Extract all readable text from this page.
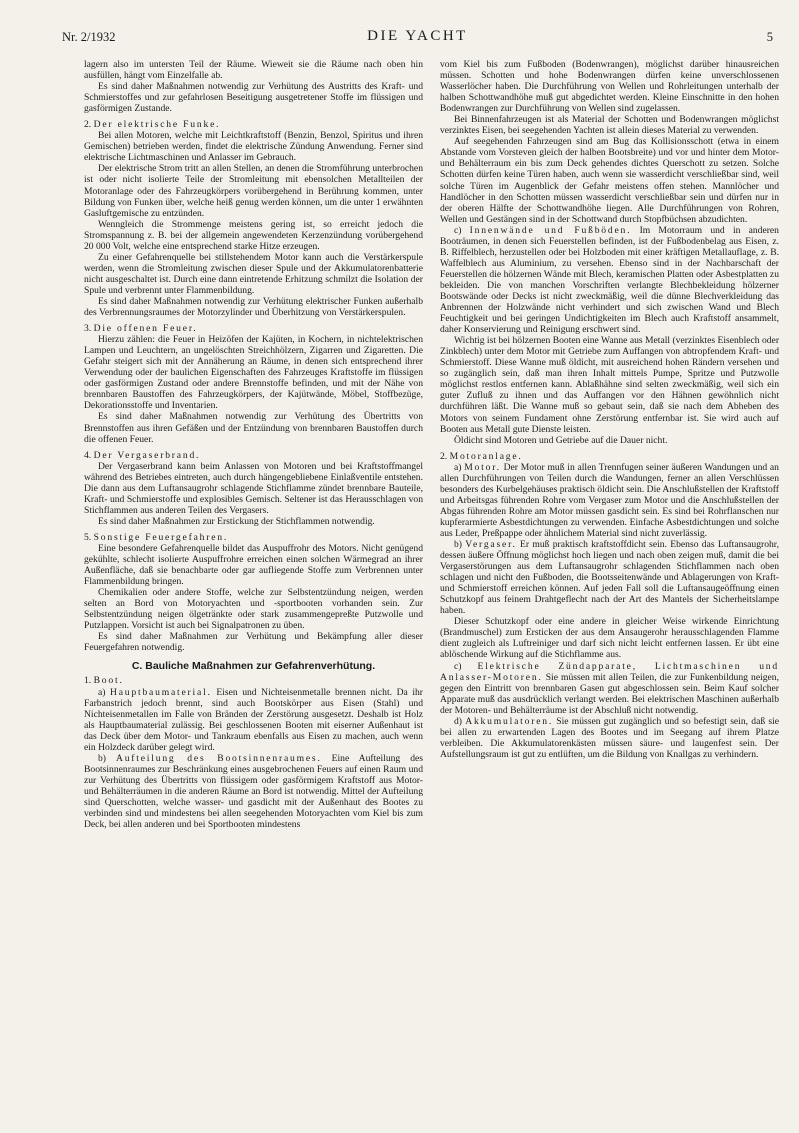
Nr. 2/1932	DIE YACHT	5

lagern also im untersten Teil der Räume. Wieweit sie die Räume nach oben hin ausfüllen, hängt vom Einzelfalle ab.

Es sind daher Maßnahmen notwendig zur Verhütung des Austritts des Kraft- und Schmierstoffes und zur gefahrlosen Beseitigung ausgetretener Stoffe im flüssigen und gasförmigen Zustande.

2. Der elektrische Funke.

Bei allen Motoren, welche mit Leichtkraftstoff (Benzin, Benzol, Spiritus und ihren Gemischen) betrieben werden, findet die elektrische Zündung Anwendung. Ferner sind elektrische Lichtmaschinen und Anlasser im Gebrauch.

Der elektrische Strom tritt an allen Stellen, an denen die Stromführung unterbrochen ist oder nicht isolierte Teile der Stromleitung mit ebensolchen Metallteilen der Motoranlage oder des Fahrzeugkörpers vorübergehend in Berührung kommen, unter Bildung von Funken über, welche heiß genug werden können, um die unter 1 erwähnten Gasluftgemische zu entzünden.

Wenngleich die Strommenge meistens gering ist, so erreicht jedoch die Stromspannung z. B. bei der allgemein angewendeten Kerzenzündung vorübergehend 20 000 Volt, welche eine entsprechend starke Hitze erzeugen.

Zu einer Gefahrenquelle bei stillstehendem Motor kann auch die Verstärkerspule werden, wenn die Stromleitung zwischen dieser Spule und der Akkumulatorenbatterie nicht ausgeschaltet ist. Durch eine dann eintretende Erhitzung schmilzt die Isolation der Spule und verbrennt unter Flammenbildung.

Es sind daher Maßnahmen notwendig zur Verhütung elektrischer Funken außerhalb des Verbrennungsraumes der Motorzylinder und Überhitzung von Verstärkerspulen.

3. Die offenen Feuer.

Hierzu zählen: die Feuer in Heizöfen der Kajüten, in Kochern, in nichtelektrischen Lampen und Leuchtern, an ungelöschten Streichhölzern, Zigarren und Zigaretten. Die Gefahr steigert sich mit der Annäherung an Räume, in denen sich entsprechend ihrer Verwendung oder der baulichen Eigenschaften des Fahrzeuges Kraftstoffe im flüssigen oder gasförmigen Zustand oder andere Brennstoffe befinden, und mit der Nähe von brennbaren Baustoffen des Fahrzeugkörpers, der Kajütwände, Möbel, Stoffbezüge, Dekorationsstoffe und Inventarien.

Es sind daher Maßnahmen notwendig zur Verhütung des Übertritts von Brennstoffen aus ihren Gefäßen und der Entzündung von brennbaren Baustoffen durch die offenen Feuer.

4. Der Vergaserbrand.

Der Vergaserbrand kann beim Anlassen von Motoren und bei Kraftstoffmangel während des Betriebes eintreten, auch durch hängengebliebene Einlaßventile entstehen. Die dann aus dem Luftansaugrohr schlagende Stichflamme zündet brennbare Bauteile, Kraft- und Schmierstoffe und explosibles Gemisch. Seltener ist das Herausschlagen von Stichflammen aus anderen Teilen des Vergasers.

Es sind daher Maßnahmen zur Erstickung der Stichflammen notwendig.

5. Sonstige Feuergefahren.

Eine besondere Gefahrenquelle bildet das Auspuffrohr des Motors. Nicht genügend gekühlte, schlecht isolierte Auspuffrohre erreichen einen solchen Wärmegrad an ihrer Außenfläche, daß sie benachbarte oder gar aufliegende Stoffe zum Verbrennen unter Flammenbildung bringen.

Chemikalien oder andere Stoffe, welche zur Selbstentzündung neigen, werden selten an Bord von Motoryachten und -sportbooten vorhanden sein. Zur Selbstentzündung neigen ölgetränkte oder stark zusammengepreßte Putzwolle und Putzlappen. Vorsicht ist auch bei Signalpatronen zu üben.

Es sind daher Maßnahmen zur Verhütung und Bekämpfung aller dieser Feuergefahren notwendig.

C. Bauliche Maßnahmen zur Gefahrenverhütung.

1. Boot.

a) Hauptbaumaterial. Eisen und Nichteisenmetalle brennen nicht. Da ihr Farbanstrich jedoch brennt, sind auch Bootskörper aus Eisen (Stahl) und Nichteisenmetallen im Falle von Bränden der Zerstörung ausgesetzt. Deshalb ist Holz als Hauptbaumaterial zulässig. Bei geschlossenen Booten mit eiserner Außenhaut ist das Deck über dem Motor- und Tankraum ebenfalls aus Eisen zu machen, auch wenn ein Holzdeck darüber gelegt wird.

b) Aufteilung des Bootsinnenraumes. Eine Aufteilung des Bootsinnenraumes zur Beschränkung eines ausgebrochenen Feuers auf einen Raum und zur Verhütung des Übertritts von flüssigem oder gasförmigem Kraftstoff aus Motor- und Behälterräumen in die anderen Räume an Bord ist notwendig. Mittel der Aufteilung sind Querschotten, welche wasser- und gasdicht mit der Außenhaut des Bootes zu verbinden sind und mindestens bei allen seegehenden Motoryachten vom Kiel bis zum Deck, bei allen anderen und bei Sportbooten mindestens

vom Kiel bis zum Fußboden (Bodenwrangen), möglichst darüber hinausreichen müssen. Schotten und hohe Bodenwrangen dürfen keine unverschlossenen Wasserlöcher haben. Die Durchführung von Wellen und Rohrleitungen unterhalb der halben Schottwandhöhe muß gut abgedichtet werden. Kleine Einschnitte in den hohen Bodenwrangen zur Durchführung von Wellen sind zugelassen.

Bei Binnenfahrzeugen ist als Material der Schotten und Bodenwrangen möglichst verzinktes Eisen, bei seegehenden Yachten ist allein dieses Material zu verwenden.

Auf seegehenden Fahrzeugen sind am Bug das Kollisionsschott (etwa in einem Abstande vom Vorsteven gleich der halben Bootsbreite) und vor und hinter dem Motor- und Behälterraum ein bis zum Deck gehendes dichtes Querschott zu setzen. Solche Schotten dürfen keine Türen haben, auch wenn sie wasserdicht verschließbar sind, weil solche Türen im Augenblick der Gefahr meistens offen stehen. Mannlöcher und Handlöcher in den Schotten müssen wasserdicht verschließbar sein und dürfen nur in der oberen Hälfte der Schottwandhöhe liegen. Alle Durchführungen von Rohren, Wellen und Gestängen sind in der Schottwand durch Stopfbüchsen abzudichten.

c) Innenwände und Fußböden. Im Motorraum und in anderen Booträumen, in denen sich Feuerstellen befinden, ist der Fußbodenbelag aus Eisen, z. B. Riffelblech, herzustellen oder bei Holzboden mit einer kräftigen Metallauflage, z. B. Waffelblech aus Aluminium, zu versehen. Ebenso sind in der Nachbarschaft der Feuerstellen die hölzernen Wände mit Blech, keramischen Platten oder Asbestplatten zu bekleiden. Die von manchen Vorschriften verlangte Blechbekleidung hölzerner Bootswände oder Decks ist nicht zweckmäßig, weil die dünne Blechverkleidung das Anbrennen der Holzwände nicht verhindert und sich zwischen Wand und Blech Feuchtigkeit und bei geringen Undichtigkeiten im Blech auch Kraftstoff ansammelt, daher Konservierung und Reinigung erschwert sind.

Wichtig ist bei hölzernen Booten eine Wanne aus Metall (verzinktes Eisenblech oder Zinkblech) unter dem Motor mit Getriebe zum Auffangen von abtropfendem Kraft- und Schmierstoff. Diese Wanne muß öldicht, mit ausreichend hohen Rändern versehen und so zugänglich sein, daß man ihren Inhalt mittels Pumpe, Spritze und Putzwolle möglichst restlos entfernen kann. Ablaßhähne sind selten zweckmäßig, weil sich ein guter Zufluß zu ihnen und das Auffangen vor den Hähnen gewöhnlich nicht durchführen läßt. Die Wanne muß so gebaut sein, daß sie nach dem Abheben des Motors von seinem Fundament ohne Zerstörung entfernbar ist. Sie wird auch auf Booten aus Metall gute Dienste leisten.

Öldicht sind Motoren und Getriebe auf die Dauer nicht.

2. Motoranlage.

a) Motor. Der Motor muß in allen Trennfugen seiner äußeren Wandungen und an allen Durchführungen von Teilen durch die Wandungen, ferner an allen Verschlüssen besonders des Kurbelgehäuses praktisch öldicht sein. Die Anschlußstellen der Kraftstoff und Arbeitsgas führenden Rohre vom Vergaser zum Motor und die Anschlußstellen der Abgas führenden Rohre am Motor müssen gasdicht sein. Es sind bei Rohrflanschen nur kupferarmierte Asbestdichtungen zu verwenden. Einfache Asbestdichtungen und solche aus Leder, Preßpappe oder ähnlichem Material sind nicht zuverlässig.

b) Vergaser. Er muß praktisch kraftstoffdicht sein. Ebenso das Luftansaugrohr, dessen äußere Öffnung möglichst hoch liegen und nach oben zeigen muß, damit die bei Vergaserstörungen aus dem Luftansaugrohr schlagenden Stichflammen nach oben schlagen und nicht den Fußboden, die Bootsseitenwände und Ablagerungen von Kraft- und Schmierstoff erreichen können. Auf jeden Fall soll die Luftansaugeöffnung einen Schutzkopf aus feinem Drahtgeflecht nach der Art des Mantels der Sicherheitslampe haben.

Dieser Schutzkopf oder eine andere in gleicher Weise wirkende Einrichtung (Brandmuschel) zum Ersticken der aus dem Ansaugerohr herausschlagenden Flamme dient zugleich als Luftreiniger und darf sich nicht leicht entfernen lassen. Er übt eine ablöschende Wirkung auf die Stichflamme aus.

c) Elektrische Zündapparate, Lichtmaschinen und Anlasser-Motoren. Sie müssen mit allen Teilen, die zur Funkenbildung neigen, gegen den Eintritt von brennbaren Gasen gut abgeschlossen sein. Beim Kauf solcher Apparate muß das ausdrücklich verlangt werden. Bei elektrischen Maschinen außerhalb der Motoren- und Behälterräume ist der Abschluß nicht notwendig.

d) Akkumulatoren. Sie müssen gut zugänglich und so befestigt sein, daß sie bei allen zu erwartenden Lagen des Bootes und im Seegang auf ihrem Platze verbleiben. Die Akkumulatorenkästen müssen säure- und laugenfest sein. Der Aufstellungsraum ist gut zu entlüften, um die Bildung von Knallgas zu verhindern.
